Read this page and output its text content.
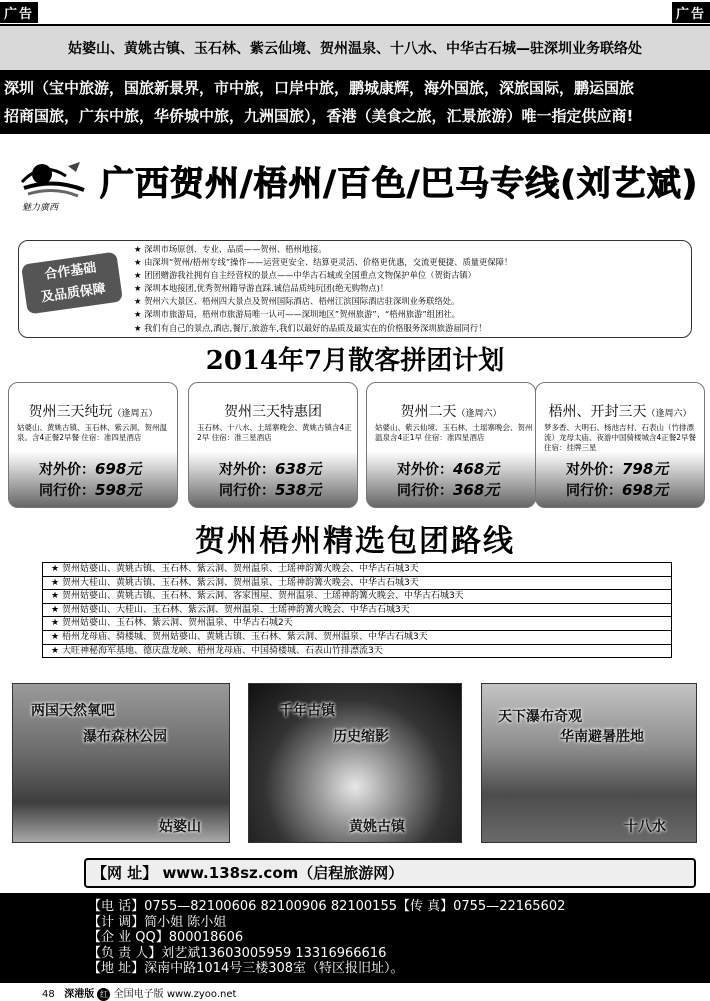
广告	广告
姑婆山、黄姚古镇、玉石林、紫云仙境、贺州温泉、十八水、中华古石城—驻深圳业务联络处
深圳（宝中旅游，国旅新景界，市中旅，口岸中旅，鹏城康辉，海外国旅，深旅国际，鹏运国旅
招商国旅，广东中旅，华侨城中旅，九洲国旅），香港（美食之旅，汇景旅游）唯一指定供应商!
魅力廣西
广西贺州/梧州/百色/巴马专线(刘艺斌)
合作基础
及品质保障
★ 深圳市场原创、专业、品质——贺州、梧州地接。
★ 由深圳“贺州/梧州专线”操作——运营更安全、结算更灵活、价格更优惠，交流更便捷、质量更保障！
★ 团团赠游我社拥有自主经营权的景点——中华古石城或全国重点文物保护单位（贺街古镇）
★ 深圳本地接团,优秀贺州籍导游直踩.诚信品质纯玩团(绝无购物点)！
★ 贺州六大景区、梧州四大景点及贺州国际酒店、梧州江滨国际酒店驻深圳业务联络处。
★ 深圳市旅游局，梧州市旅游局唯一认可——深圳地区”贺州旅游”、“梧州旅游”组团社。
★ 我们有自己的景点,酒店,餐厅,旅游车,我们以最好的品质及最实在的价格服务深圳旅游届同行！
2014年7月散客拼团计划
贺州三天纯玩（逢周五）
姑婆山、黄姚古镇、玉石林、紫云洞、贺州温泉。含4正餐2早餐 住宿：准四星酒店
对外价：698元
同行价：598元
贺州三天特惠团
玉石林、十八水、土瑶寨晚会、黄姚古镇含4正2早 住宿：准三星酒店
对外价：638元
同行价：538元
贺州二天（逢周六）
姑婆山、紫云仙境、玉石林、土瑶寨晚会、贺州温泉含4正1早 住宿：准四星酒店
对外价：468元
同行价：368元
梧州、开封三天（逢周六）
梦多香、大明石、杨池吉村、石表山（竹排漂流）龙母太庙、夜游中国骑楼城含4正餐2早餐 住宿：挂牌三星
对外价：798元
同行价：698元
贺州梧州精选包团路线
★ 贺州姑婆山、黄姚古镇、玉石林、紫云洞、贺州温泉、土瑶神韵篝火晚会、中华古石城3天
★ 贺州大桂山、黄姚古镇、玉石林、紫云洞、贺州温泉、土瑶神韵篝火晚会、中华古石城3天
★ 贺州姑婆山、黄姚古镇、玉石林、紫云洞、客家围屋、贺州温泉、土瑶神韵篝火晚会、中华古石城3天
★ 贺州姑婆山、大桂山、玉石林、紫云洞、贺州温泉、土瑶神韵篝火晚会、中华古石城3天
★ 贺州姑婆山、玉石林、紫云洞、贺州温泉、中华古石城2天
★ 梧州龙母庙、骑楼城、贺州姑婆山、黄姚古镇、玉石林、紫云洞、贺州温泉、中华古石城3天
★ 大旺神秘海军基地、德庆盘龙峡、梧州龙母庙、中国骑楼城、石表山竹排漂流3天
两国天然氧吧
瀑布森林公园
姑婆山
千年古镇
历史缩影
黄姚古镇
天下瀑布奇观
华南避暑胜地
十八水
【网 址】 www.138sz.com（启程旅游网）
【电 话】0755—82100606 82100906 82100155【传 真】0755—22165602
【计 调】简小姐 陈小姐
【企 业 QQ】800018606
【负 责 人】刘艺斌13603005959 13316966616
【地 址】深南中路1014号三楼308室（特区报旧址）。
48 深港版 红 全国电子版 www.zyoo.net
